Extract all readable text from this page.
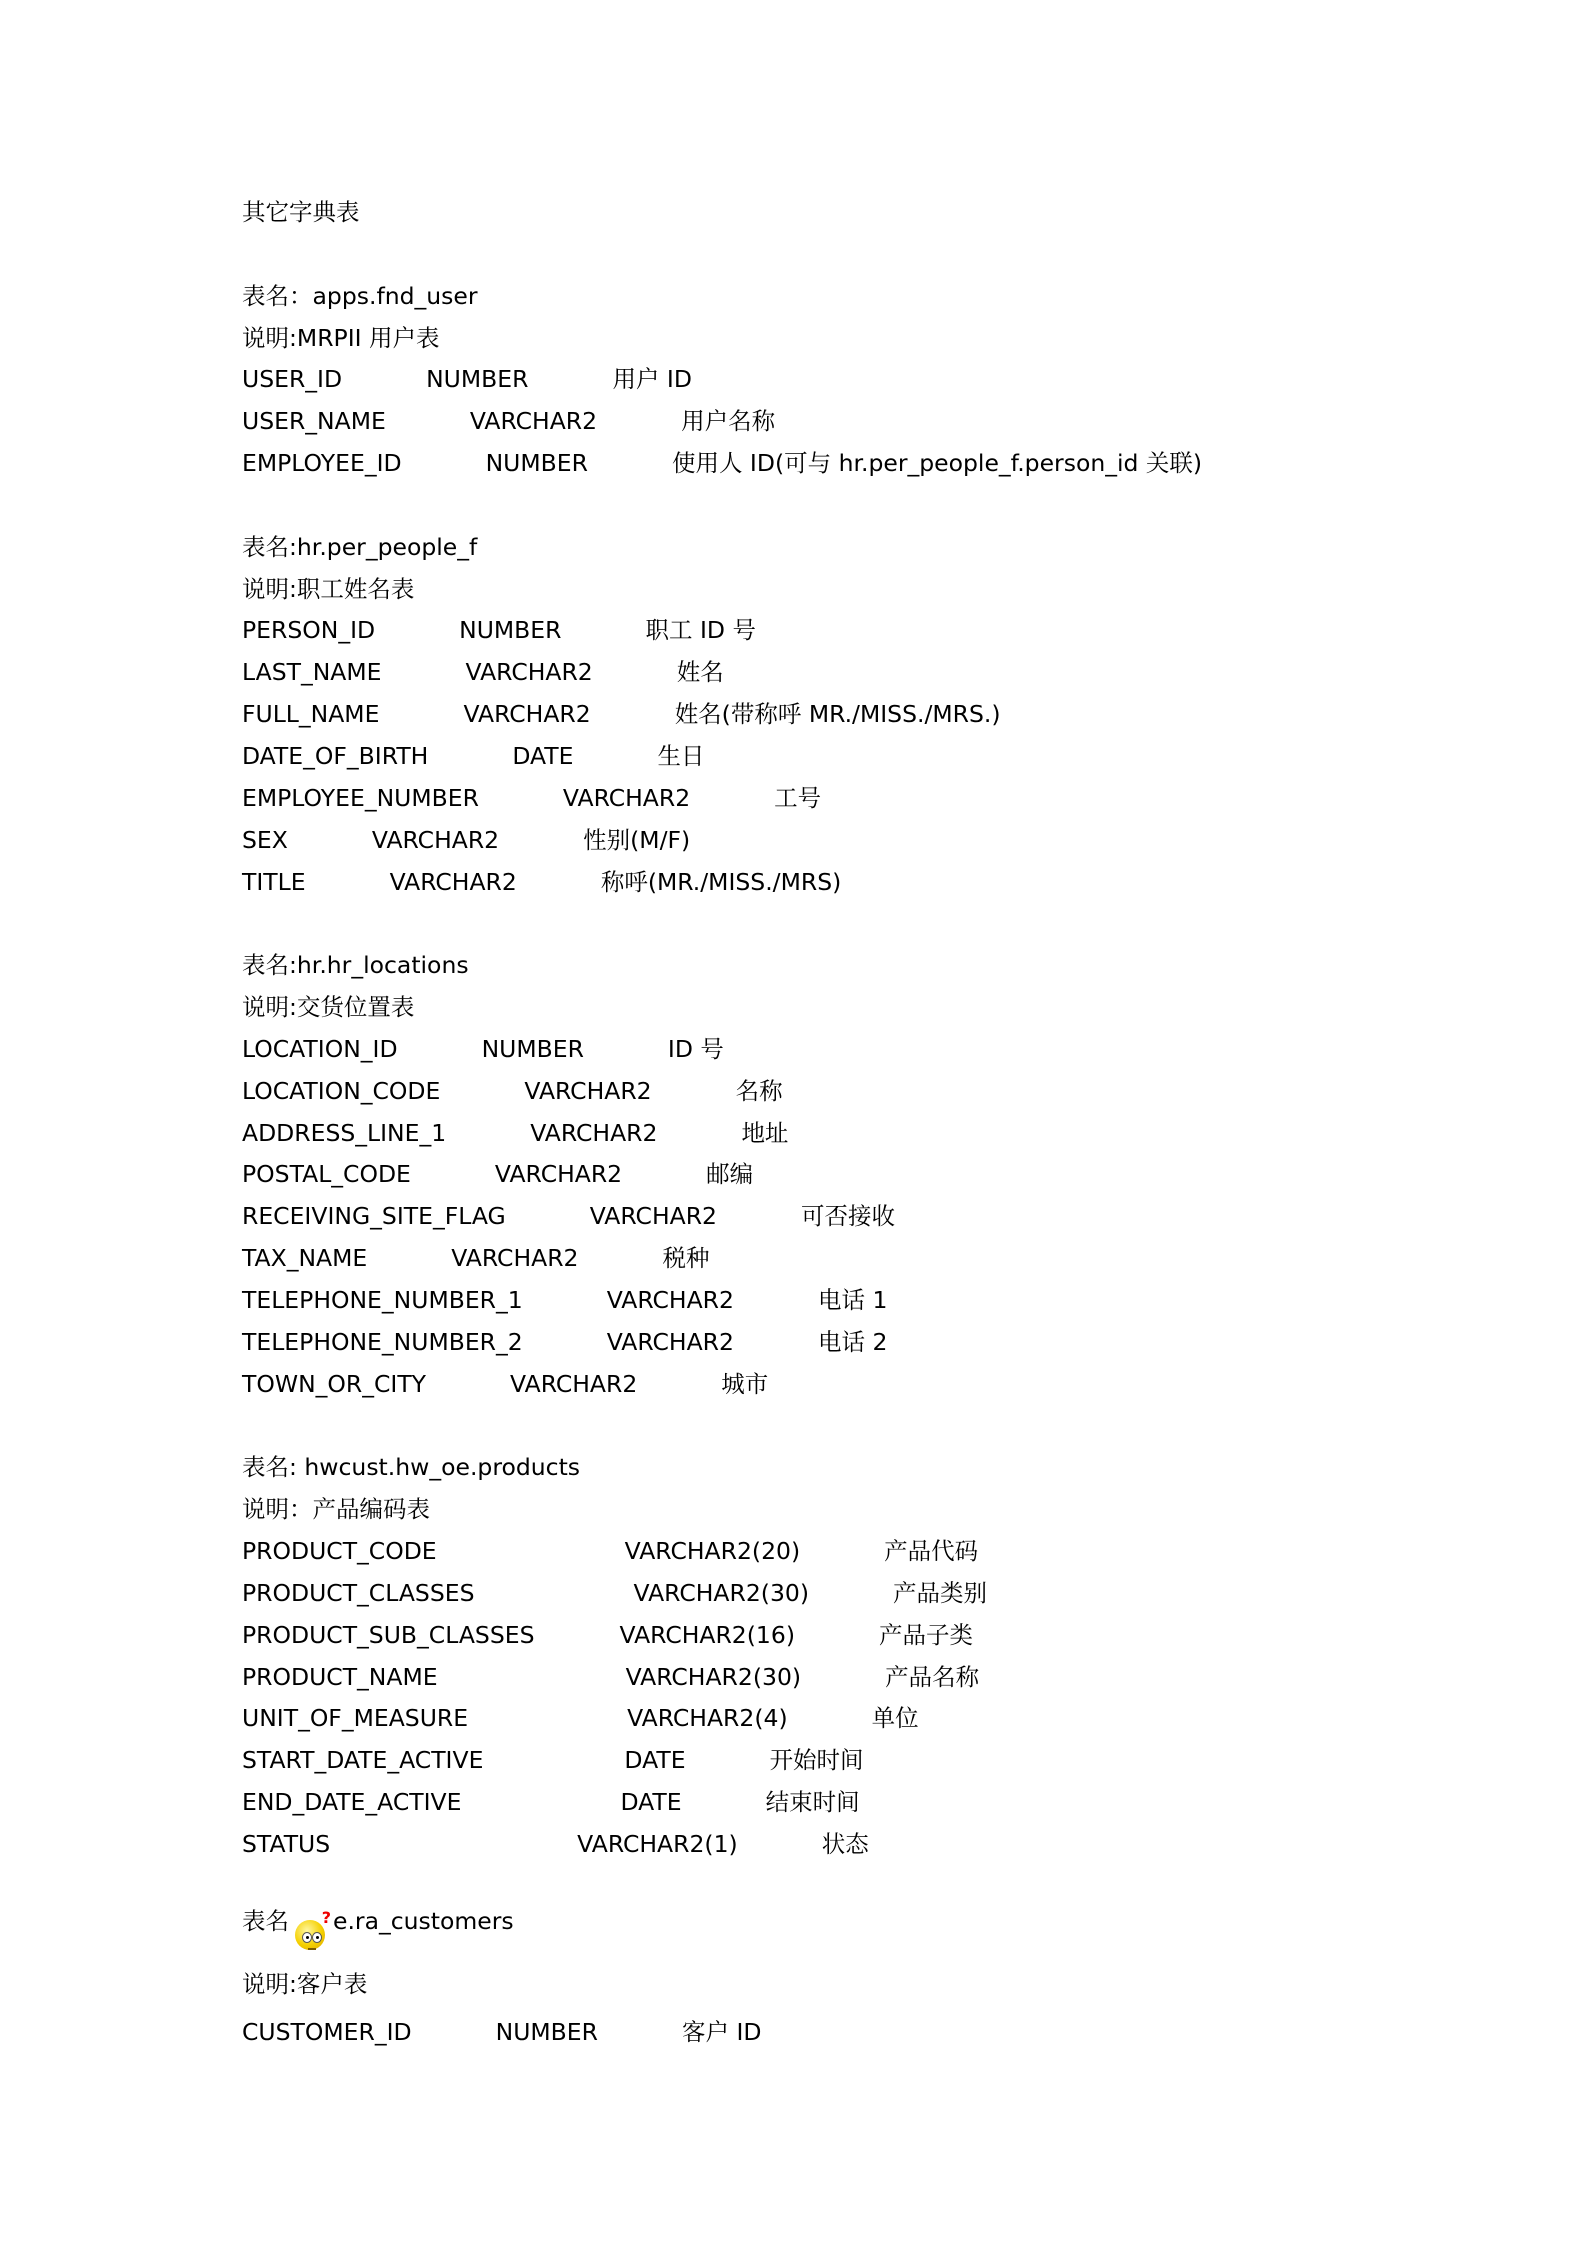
其它字典表
表名：apps.fnd_user
说明:MRPII 用户表
USER_ID	NUMBER	用户 ID
USER_NAME	VARCHAR2	用户名称
EMPLOYEE_ID	NUMBER	使用人 ID(可与 hr.per_people_f.person_id 关联)
表名:hr.per_people_f
说明:职工姓名表
PERSON_ID	NUMBER	职工 ID 号
LAST_NAME	VARCHAR2	姓名
FULL_NAME	VARCHAR2	姓名(带称呼 MR./MISS./MRS.)
DATE_OF_BIRTH	DATE	生日
EMPLOYEE_NUMBER	VARCHAR2	工号
SEX	VARCHAR2	性别(M/F)
TITLE	VARCHAR2	称呼(MR./MISS./MRS)
表名:hr.hr_locations
说明:交货位置表
LOCATION_ID	NUMBER	ID 号
LOCATION_CODE	VARCHAR2	名称
ADDRESS_LINE_1	VARCHAR2	地址
POSTAL_CODE	VARCHAR2	邮编
RECEIVING_SITE_FLAG	VARCHAR2	可否接收
TAX_NAME	VARCHAR2	税种
TELEPHONE_NUMBER_1	VARCHAR2	电话 1
TELEPHONE_NUMBER_2	VARCHAR2	电话 2
TOWN_OR_CITY	VARCHAR2	城市
表名: hwcust.hw_oe.products
说明：产品编码表
PRODUCT_CODE	VARCHAR2(20)	产品代码
PRODUCT_CLASSES	VARCHAR2(30)	产品类别
PRODUCT_SUB_CLASSES	VARCHAR2(16)	产品子类
PRODUCT_NAME	VARCHAR2(30)	产品名称
UNIT_OF_MEASURE	VARCHAR2(4)	单位
START_DATE_ACTIVE	DATE	开始时间
END_DATE_ACTIVE	DATE	结束时间
STATUS	VARCHAR2(1)	状态
表名 ? e.ra_customers
说明:客户表
CUSTOMER_ID	NUMBER	客户 ID
